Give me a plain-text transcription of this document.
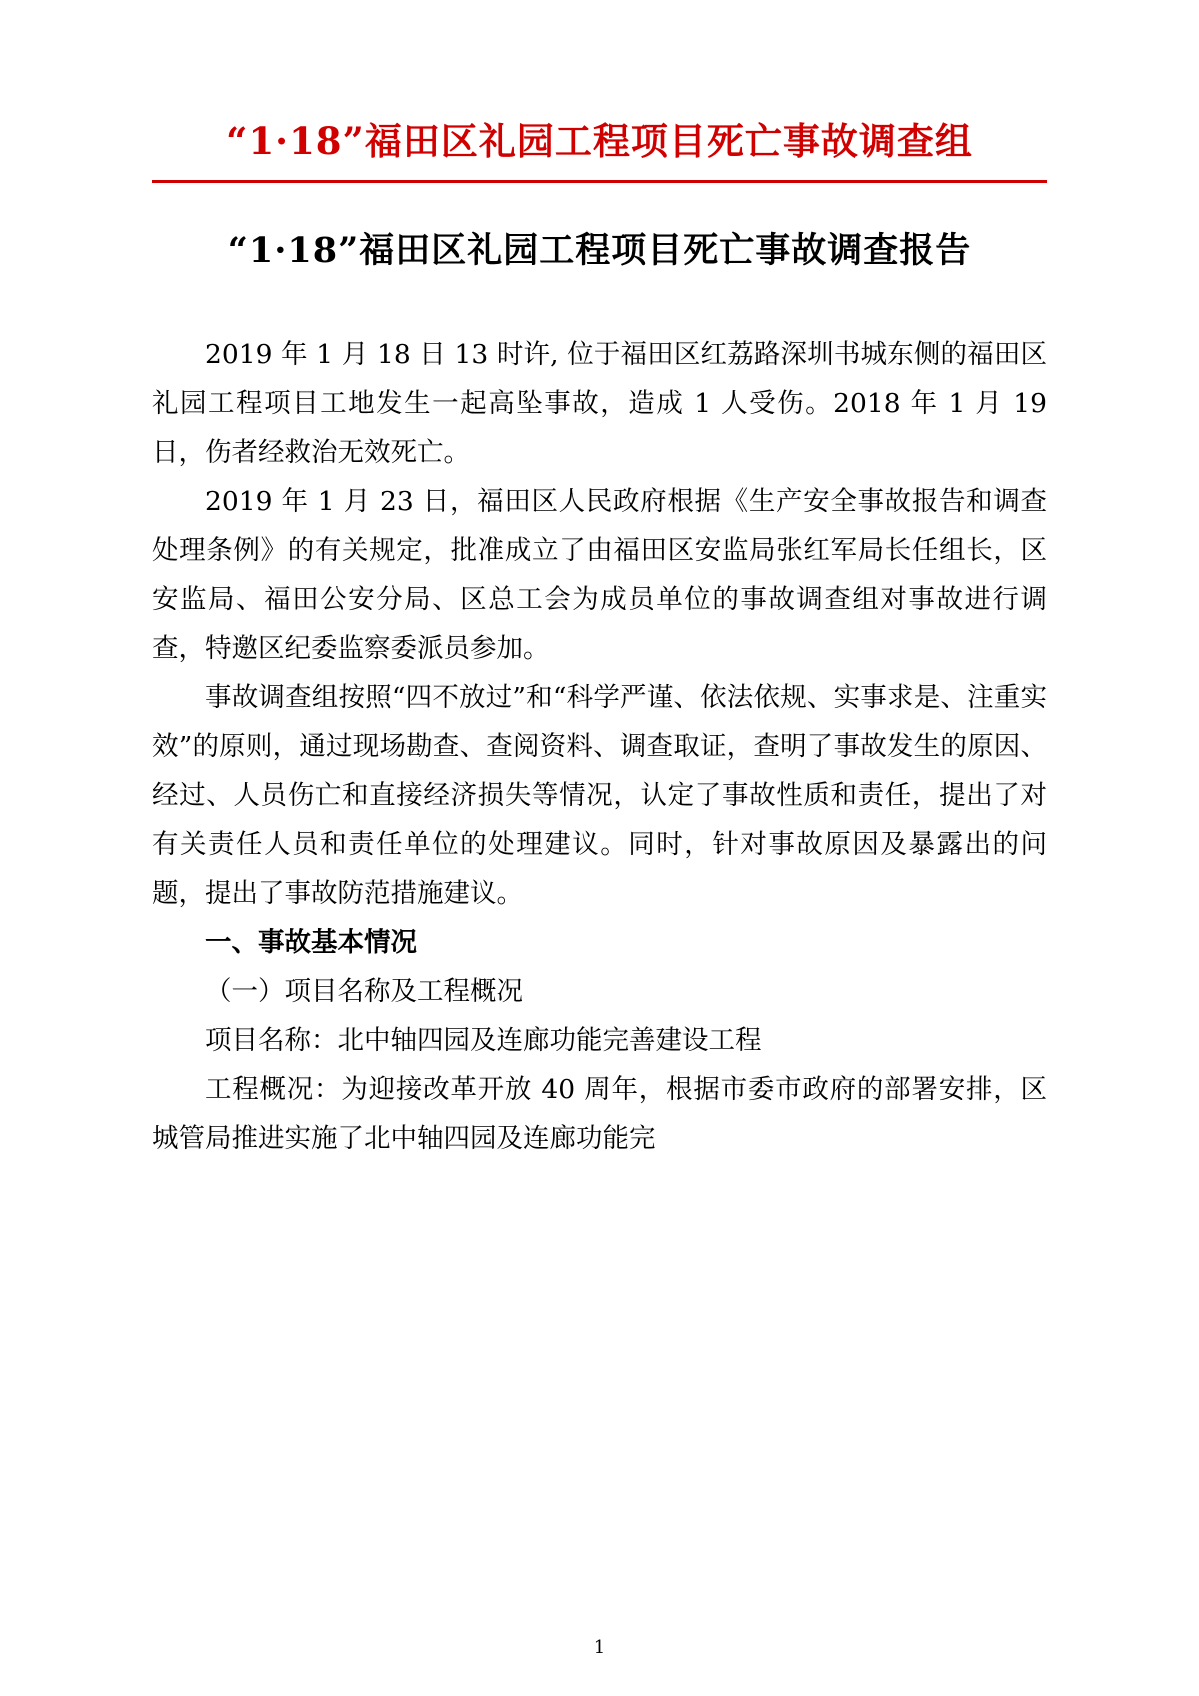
“1·18”福田区礼园工程项目死亡事故调查组
“1·18”福田区礼园工程项目死亡事故调查报告

2019 年 1 月 18 日 13 时许, 位于福田区红荔路深圳书城东侧的福田区礼园工程项目工地发生一起高坠事故，造成 1 人受伤。2018 年 1 月 19 日，伤者经救治无效死亡。

2019 年 1 月 23 日，福田区人民政府根据《生产安全事故报告和调查处理条例》的有关规定，批准成立了由福田区安监局张红军局长任组长，区安监局、福田公安分局、区总工会为成员单位的事故调查组对事故进行调查，特邀区纪委监察委派员参加。

事故调查组按照“四不放过”和“科学严谨、依法依规、实事求是、注重实效”的原则，通过现场勘查、查阅资料、调查取证，查明了事故发生的原因、经过、人员伤亡和直接经济损失等情况，认定了事故性质和责任，提出了对有关责任人员和责任单位的处理建议。同时，针对事故原因及暴露出的问题，提出了事故防范措施建议。

一、事故基本情况

（一）项目名称及工程概况

项目名称：北中轴四园及连廊功能完善建设工程

工程概况：为迎接改革开放 40 周年，根据市委市政府的部署安排，区城管局推进实施了北中轴四园及连廊功能完

1
